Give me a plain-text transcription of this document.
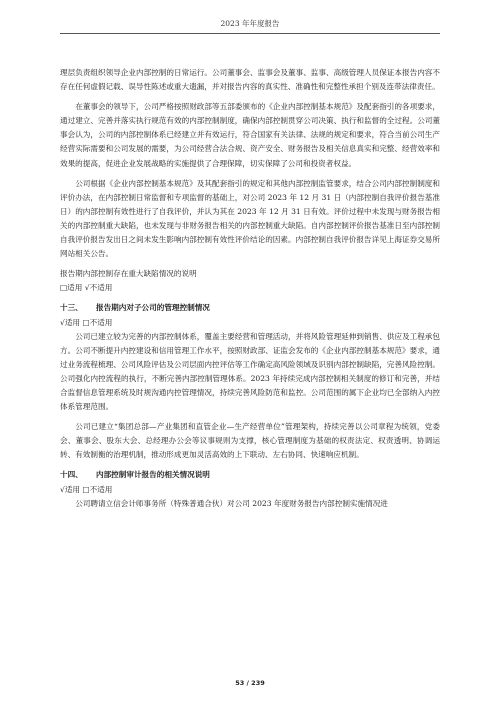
2023 年年度报告

理层负责组织领导企业内部控制的日常运行。公司董事会、监事会及董事、监事、高级管理人员保证本报告内容不存在任何虚假记载、误导性陈述或重大遗漏，并对报告内容的真实性、准确性和完整性承担个别及连带法律责任。

在董事会的领导下，公司严格按照财政部等五部委颁布的《企业内部控制基本规范》及配套指引的各项要求，通过建立、完善并落实执行规范有效的内部控制制度，确保内部控制贯穿公司决策、执行和监督的全过程。公司董事会认为，公司的内部控制体系已经建立并有效运行，符合国家有关法律、法规的规定和要求，符合当前公司生产经营实际需要和公司发展的需要，为公司经营合法合规、资产安全、财务报告及相关信息真实和完整、经营效率和效果的提高，促进企业发展战略的实施提供了合理保障，切实保障了公司和投资者权益。

公司根据《企业内部控制基本规范》及其配套指引的规定和其他内部控制监管要求，结合公司内部控制制度和评价办法，在内部控制日常监督和专项监督的基础上，对公司 2023 年 12 月 31 日（内部控制自我评价报告基准日）的内部控制有效性进行了自我评价，并认为其在 2023 年 12 月 31 日有效。评价过程中未发现与财务报告相关的内部控制重大缺陷，也未发现与非财务报告相关的内部控制重大缺陷。自内部控制评价报告基准日至内部控制自我评价报告发出日之间未发生影响内部控制有效性评价结论的因素。内部控制自我评价报告详见上海证券交易所网站相关公告。

报告期内部控制存在重大缺陷情况的说明

□适用 √不适用

十三、 报告期内对子公司的管理控制情况

√适用 □不适用

公司已建立较为完善的内部控制体系，覆盖主要经营和管理活动，并将风险管理延伸到销售、供应及工程承包方。公司不断提升内控建设和信用管理工作水平，按照财政部、证监会发布的《企业内部控制基本规范》要求，通过业务流程梳理、公司风险评估及公司层面内控评估等工作确定高风险领域及识别内部控制缺陷，完善风险控制。公司强化内控流程的执行，不断完善内部控制管理体系。2023 年持续完成内部控制相关制度的修订和完善，并结合监督信息管理系统及时规沟通内控管理情况，持续完善风险防范和监控。公司范围的属下企业均已全部纳入内控体系管理范围。

公司已建立“集团总部—产业集团和直管企业—生产经营单位”管理架构，持续完善以公司章程为统领，党委会、董事会、股东大会、总经理办公会等议事规则为支撑，核心管理制度为基础的权责法定、权责透明、协调运转、有效制衡的治理机制，推动形成更加灵活高效的上下联动、左右协同、快速响应机制。

十四、 内部控制审计报告的相关情况说明

√适用 □不适用

公司聘请立信会计师事务所（特殊普通合伙）对公司 2023 年度财务报告内部控制实施情况进

53 / 239
